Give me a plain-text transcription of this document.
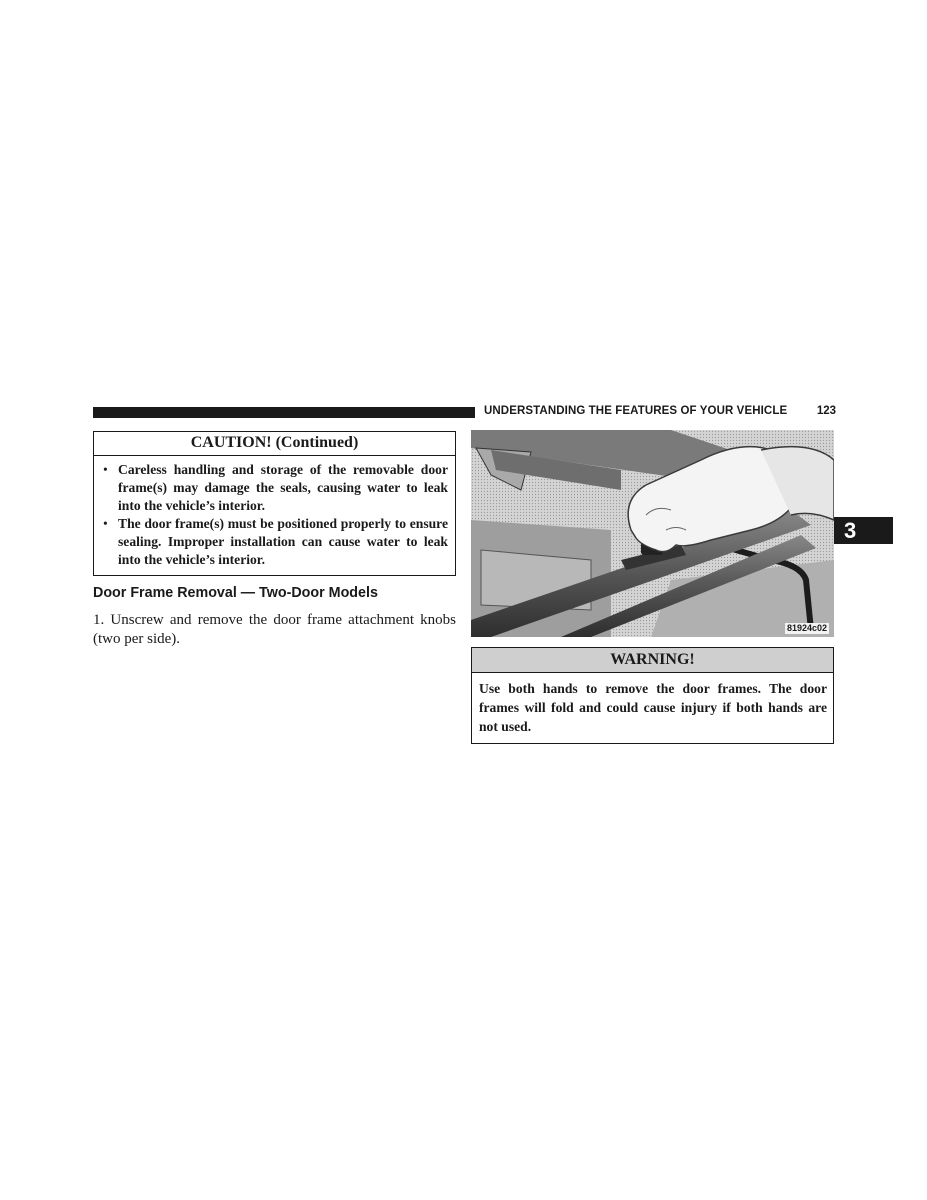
UNDERSTANDING THE FEATURES OF YOUR VEHICLE	123
3
CAUTION! (Continued)
• Careless handling and storage of the removable door frame(s) may damage the seals, causing water to leak into the vehicle’s interior.
• The door frame(s) must be positioned properly to ensure sealing. Improper installation can cause water to leak into the vehicle’s interior.
Door Frame Removal — Two-Door Models
1. Unscrew and remove the door frame attachment knobs (two per side).
81924c02
WARNING!
Use both hands to remove the door frames. The door frames will fold and could cause injury if both hands are not used.
